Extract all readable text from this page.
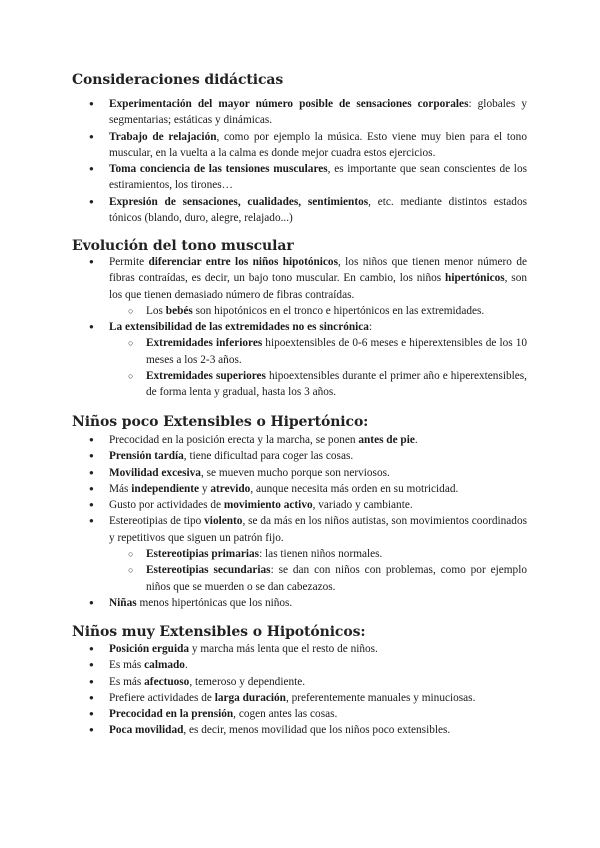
Consideraciones didácticas
● Experimentación del mayor número posible de sensaciones corporales: globales y segmentarias; estáticas y dinámicas.
● Trabajo de relajación, como por ejemplo la música. Esto viene muy bien para el tono muscular, en la vuelta a la calma es donde mejor cuadra estos ejercicios.
● Toma conciencia de las tensiones musculares, es importante que sean conscientes de los estiramientos, los tirones…
● Expresión de sensaciones, cualidades, sentimientos, etc. mediante distintos estados tónicos (blando, duro, alegre, relajado...)
Evolución del tono muscular
● Permite diferenciar entre los niños hipotónicos, los niños que tienen menor número de fibras contraídas, es decir, un bajo tono muscular. En cambio, los niños hipertónicos, son los que tienen demasiado número de fibras contraídas.
○ Los bebés son hipotónicos en el tronco e hipertónicos en las extremidades.
● La extensibilidad de las extremidades no es sincrónica:
○ Extremidades inferiores hipoextensibles de 0-6 meses e hiperextensibles de los 10 meses a los 2-3 años.
○ Extremidades superiores hipoextensibles durante el primer año e hiperextensibles, de forma lenta y gradual, hasta los 3 años.
Niños poco Extensibles o Hipertónico:
● Precocidad en la posición erecta y la marcha, se ponen antes de pie.
● Prensión tardía, tiene dificultad para coger las cosas.
● Movilidad excesiva, se mueven mucho porque son nerviosos.
● Más independiente y atrevido, aunque necesita más orden en su motricidad.
● Gusto por actividades de movimiento activo, variado y cambiante.
● Estereotipias de tipo violento, se da más en los niños autistas, son movimientos coordinados y repetitivos que siguen un patrón fijo.
○ Estereotipias primarias: las tienen niños normales.
○ Estereotipias secundarias: se dan con niños con problemas, como por ejemplo niños que se muerden o se dan cabezazos.
● Niñas menos hipertónicas que los niños.
Niños muy Extensibles o Hipotónicos:
● Posición erguida y marcha más lenta que el resto de niños.
● Es más calmado.
● Es más afectuoso, temeroso y dependiente.
● Prefiere actividades de larga duración, preferentemente manuales y minuciosas.
● Precocidad en la prensión, cogen antes las cosas.
● Poca movilidad, es decir, menos movilidad que los niños poco extensibles.
